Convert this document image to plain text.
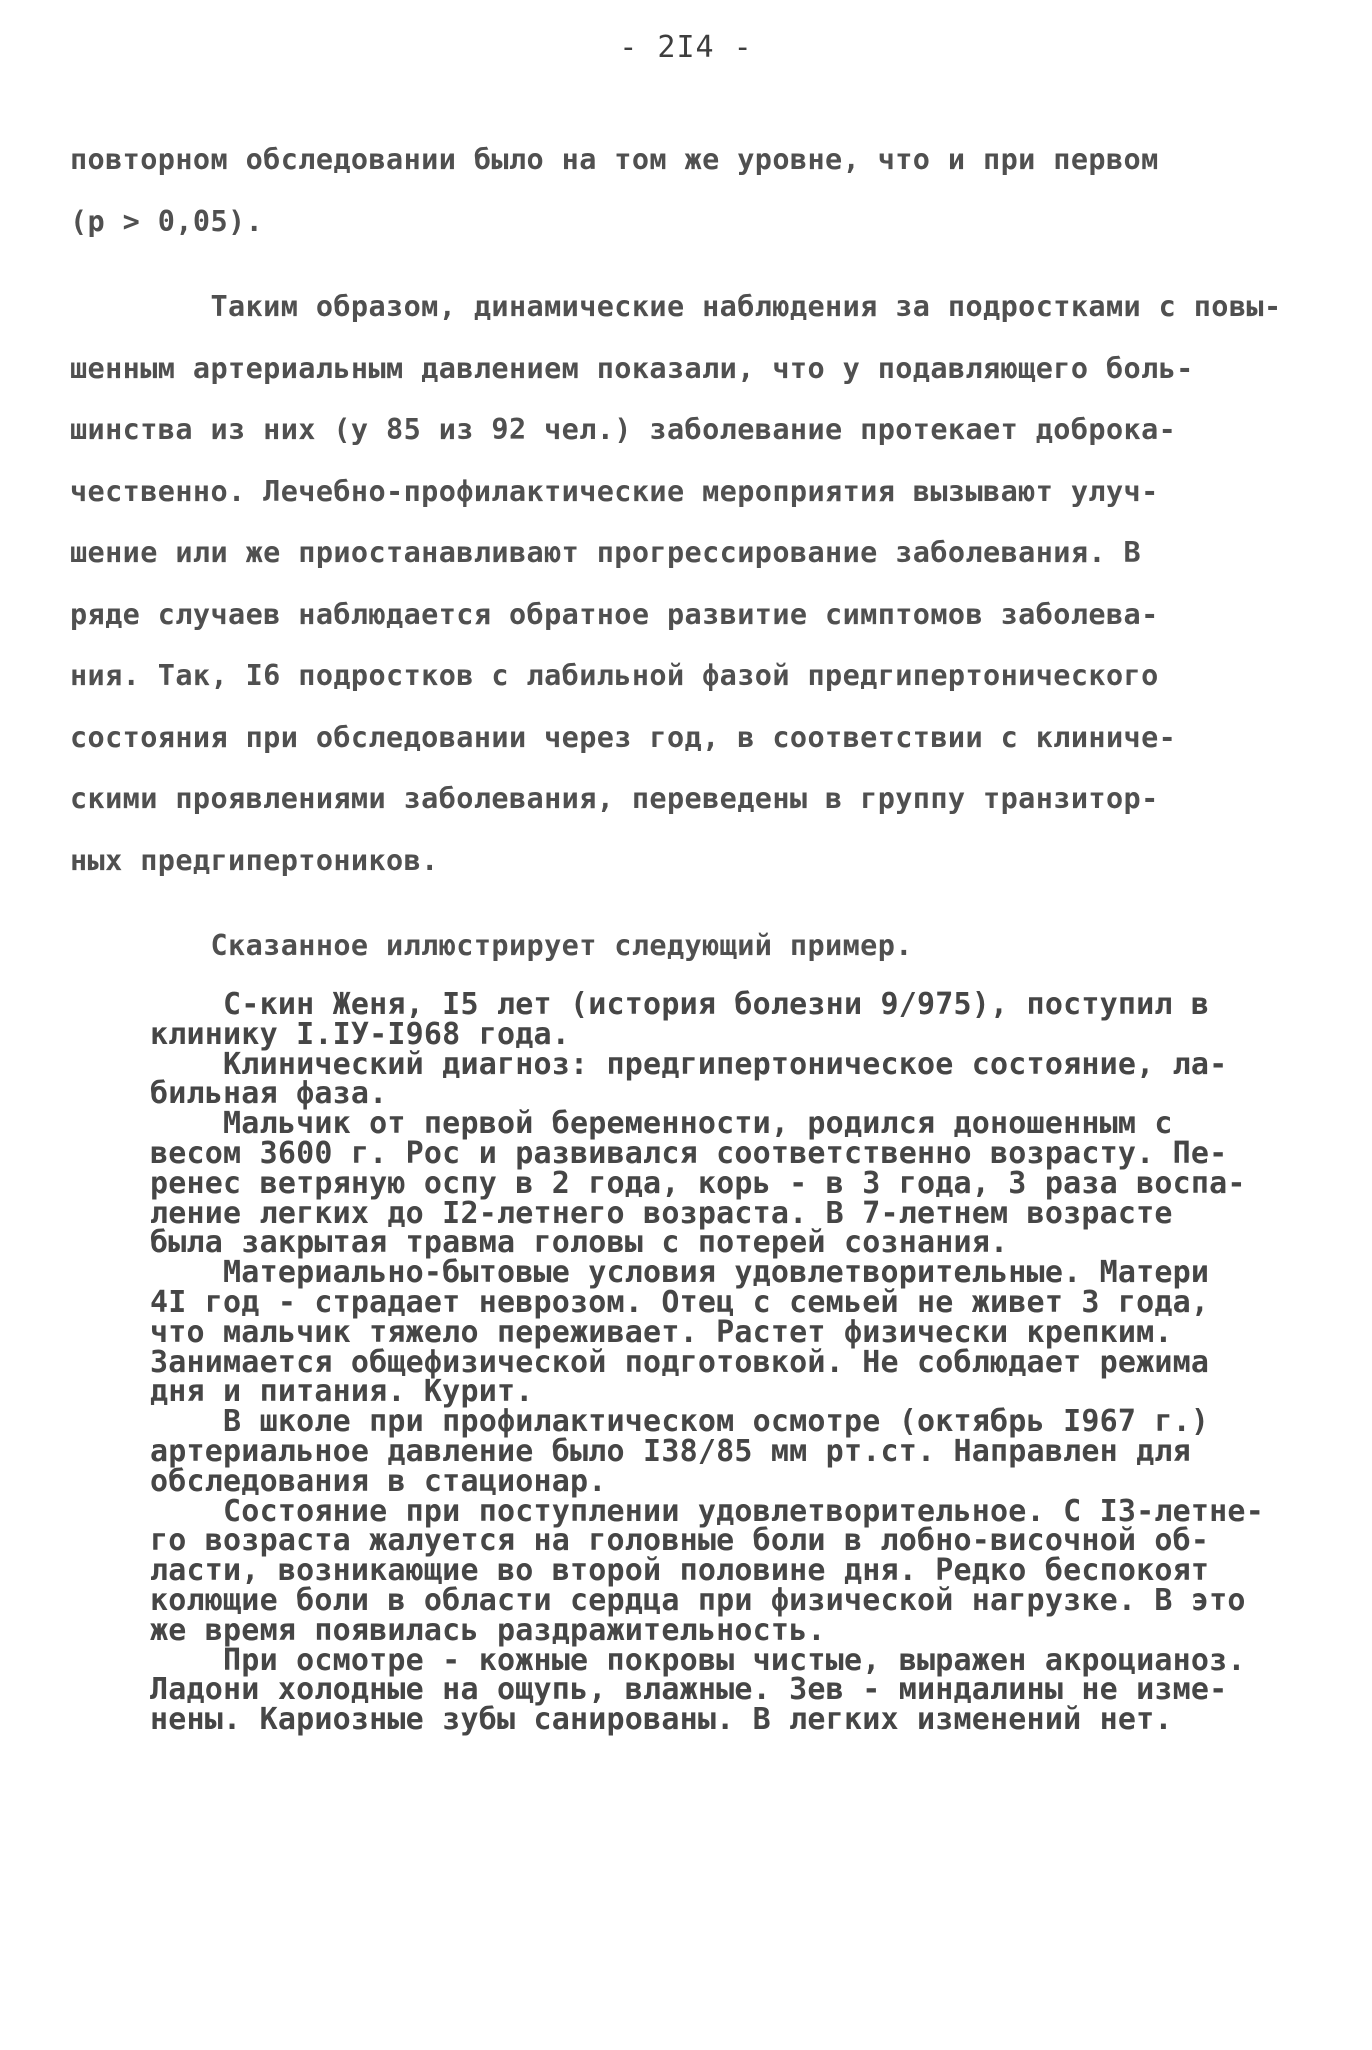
- 2I4 -
повторном обследовании было на том же уровне, что и при первом
(р > 0,05).
Таким образом, динамические наблюдения за подростками с повы-
шенным артериальным давлением показали, что у подавляющего боль-
шинства из них (у 85 из 92 чел.) заболевание протекает доброка-
чественно. Лечебно-профилактические мероприятия вызывают улуч-
шение или же приостанавливают прогрессирование заболевания. В
ряде случаев наблюдается обратное развитие симптомов заболева-
ния. Так, I6 подростков с лабильной фазой предгипертонического
состояния при обследовании через год, в соответствии с клиниче-
скими проявлениями заболевания, переведены в группу транзитор-
ных предгипертоников.
Сказанное иллюстрирует следующий пример.
С-кин Женя, I5 лет (история болезни 9/975), поступил в
клинику I.IУ-I968 года.
Клинический диагноз: предгипертоническое состояние, ла-
бильная фаза.
Мальчик от первой беременности, родился доношенным с
весом 3600 г. Рос и развивался соответственно возрасту. Пе-
ренес ветряную оспу в 2 года, корь - в 3 года, 3 раза воспа-
ление легких до I2-летнего возраста. В 7-летнем возрасте
была закрытая травма головы с потерей сознания.
Материально-бытовые условия удовлетворительные. Матери
4I год - страдает неврозом. Отец с семьей не живет 3 года,
что мальчик тяжело переживает. Растет физически крепким.
Занимается общефизической подготовкой. Не соблюдает режима
дня и питания. Курит.
В школе при профилактическом осмотре (октябрь I967 г.)
артериальное давление было I38/85 мм рт.ст. Направлен для
обследования в стационар.
Состояние при поступлении удовлетворительное. С I3-летне-
го возраста жалуется на головные боли в лобно-височной об-
ласти, возникающие во второй половине дня. Редко беспокоят
колющие боли в области сердца при физической нагрузке. В это
же время появилась раздражительность.
При осмотре - кожные покровы чистые, выражен акроцианоз.
Ладони холодные на ощупь, влажные. Зев - миндалины не изме-
нены. Кариозные зубы санированы. В легких изменений нет.
